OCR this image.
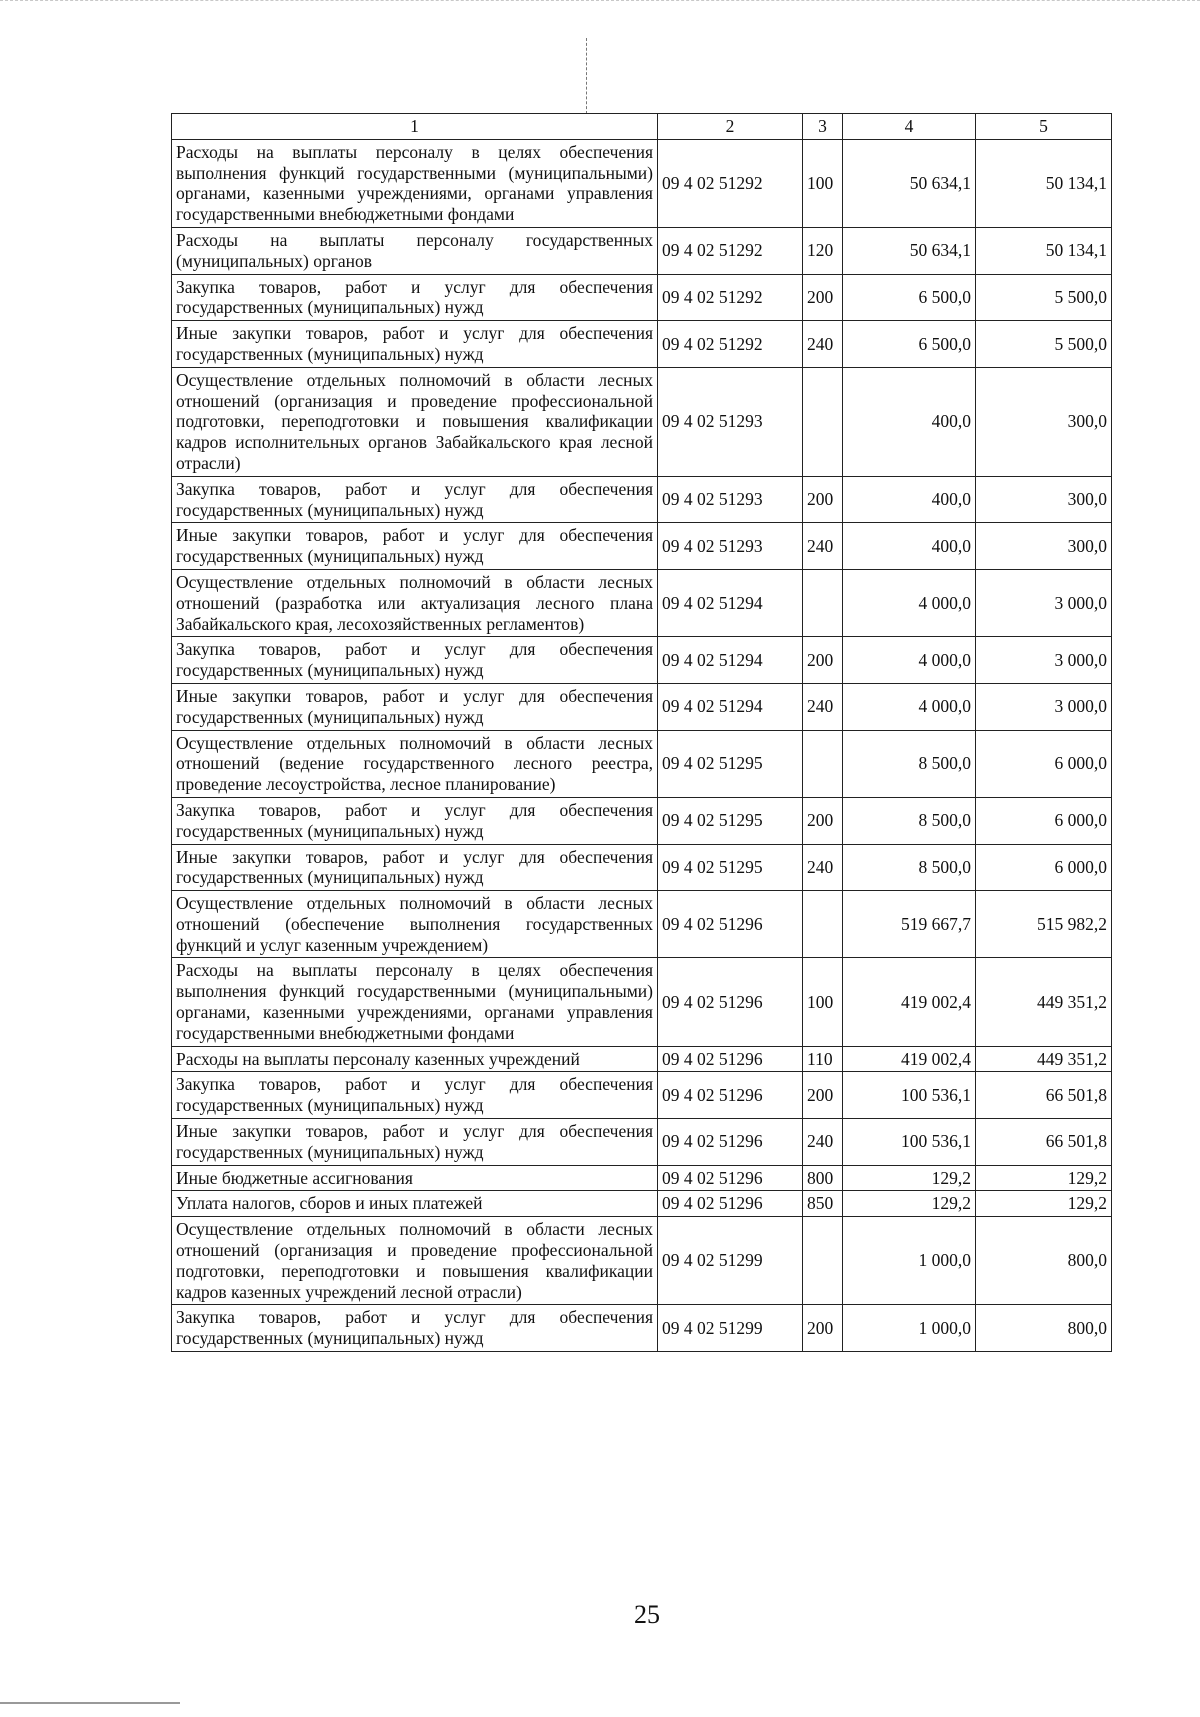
1	2	3	4	5
Расходы на выплаты персоналу в целях обеспечения выполнения функций государственными (муниципальными) органами, казенными учреждениями, органами управления государственными внебюджетными фондами	09 4 02 51292	100	50 634,1	50 134,1
Расходы на выплаты персоналу государственных (муниципальных) органов	09 4 02 51292	120	50 634,1	50 134,1
Закупка товаров, работ и услуг для обеспечения государственных (муниципальных) нужд	09 4 02 51292	200	6 500,0	5 500,0
Иные закупки товаров, работ и услуг для обеспечения государственных (муниципальных) нужд	09 4 02 51292	240	6 500,0	5 500,0
Осуществление отдельных полномочий в области лесных отношений (организация и проведение профессиональной подготовки, переподготовки и повышения квалификации кадров исполнительных органов Забайкальского края лесной отрасли)	09 4 02 51293		400,0	300,0
Закупка товаров, работ и услуг для обеспечения государственных (муниципальных) нужд	09 4 02 51293	200	400,0	300,0
Иные закупки товаров, работ и услуг для обеспечения государственных (муниципальных) нужд	09 4 02 51293	240	400,0	300,0
Осуществление отдельных полномочий в области лесных отношений (разработка или актуализация лесного плана Забайкальского края, лесохозяйственных регламентов)	09 4 02 51294		4 000,0	3 000,0
Закупка товаров, работ и услуг для обеспечения государственных (муниципальных) нужд	09 4 02 51294	200	4 000,0	3 000,0
Иные закупки товаров, работ и услуг для обеспечения государственных (муниципальных) нужд	09 4 02 51294	240	4 000,0	3 000,0
Осуществление отдельных полномочий в области лесных отношений (ведение государственного лесного реестра, проведение лесоустройства, лесное планирование)	09 4 02 51295		8 500,0	6 000,0
Закупка товаров, работ и услуг для обеспечения государственных (муниципальных) нужд	09 4 02 51295	200	8 500,0	6 000,0
Иные закупки товаров, работ и услуг для обеспечения государственных (муниципальных) нужд	09 4 02 51295	240	8 500,0	6 000,0
Осуществление отдельных полномочий в области лесных отношений (обеспечение выполнения государственных функций и услуг казенным учреждением)	09 4 02 51296		519 667,7	515 982,2
Расходы на выплаты персоналу в целях обеспечения выполнения функций государственными (муниципальными) органами, казенными учреждениями, органами управления государственными внебюджетными фондами	09 4 02 51296	100	419 002,4	449 351,2
Расходы на выплаты персоналу казенных учреждений	09 4 02 51296	110	419 002,4	449 351,2
Закупка товаров, работ и услуг для обеспечения государственных (муниципальных) нужд	09 4 02 51296	200	100 536,1	66 501,8
Иные закупки товаров, работ и услуг для обеспечения государственных (муниципальных) нужд	09 4 02 51296	240	100 536,1	66 501,8
Иные бюджетные ассигнования	09 4 02 51296	800	129,2	129,2
Уплата налогов, сборов и иных платежей	09 4 02 51296	850	129,2	129,2
Осуществление отдельных полномочий в области лесных отношений (организация и проведение профессиональной подготовки, переподготовки и повышения квалификации кадров казенных учреждений лесной отрасли)	09 4 02 51299		1 000,0	800,0
Закупка товаров, работ и услуг для обеспечения государственных (муниципальных) нужд	09 4 02 51299	200	1 000,0	800,0
25
